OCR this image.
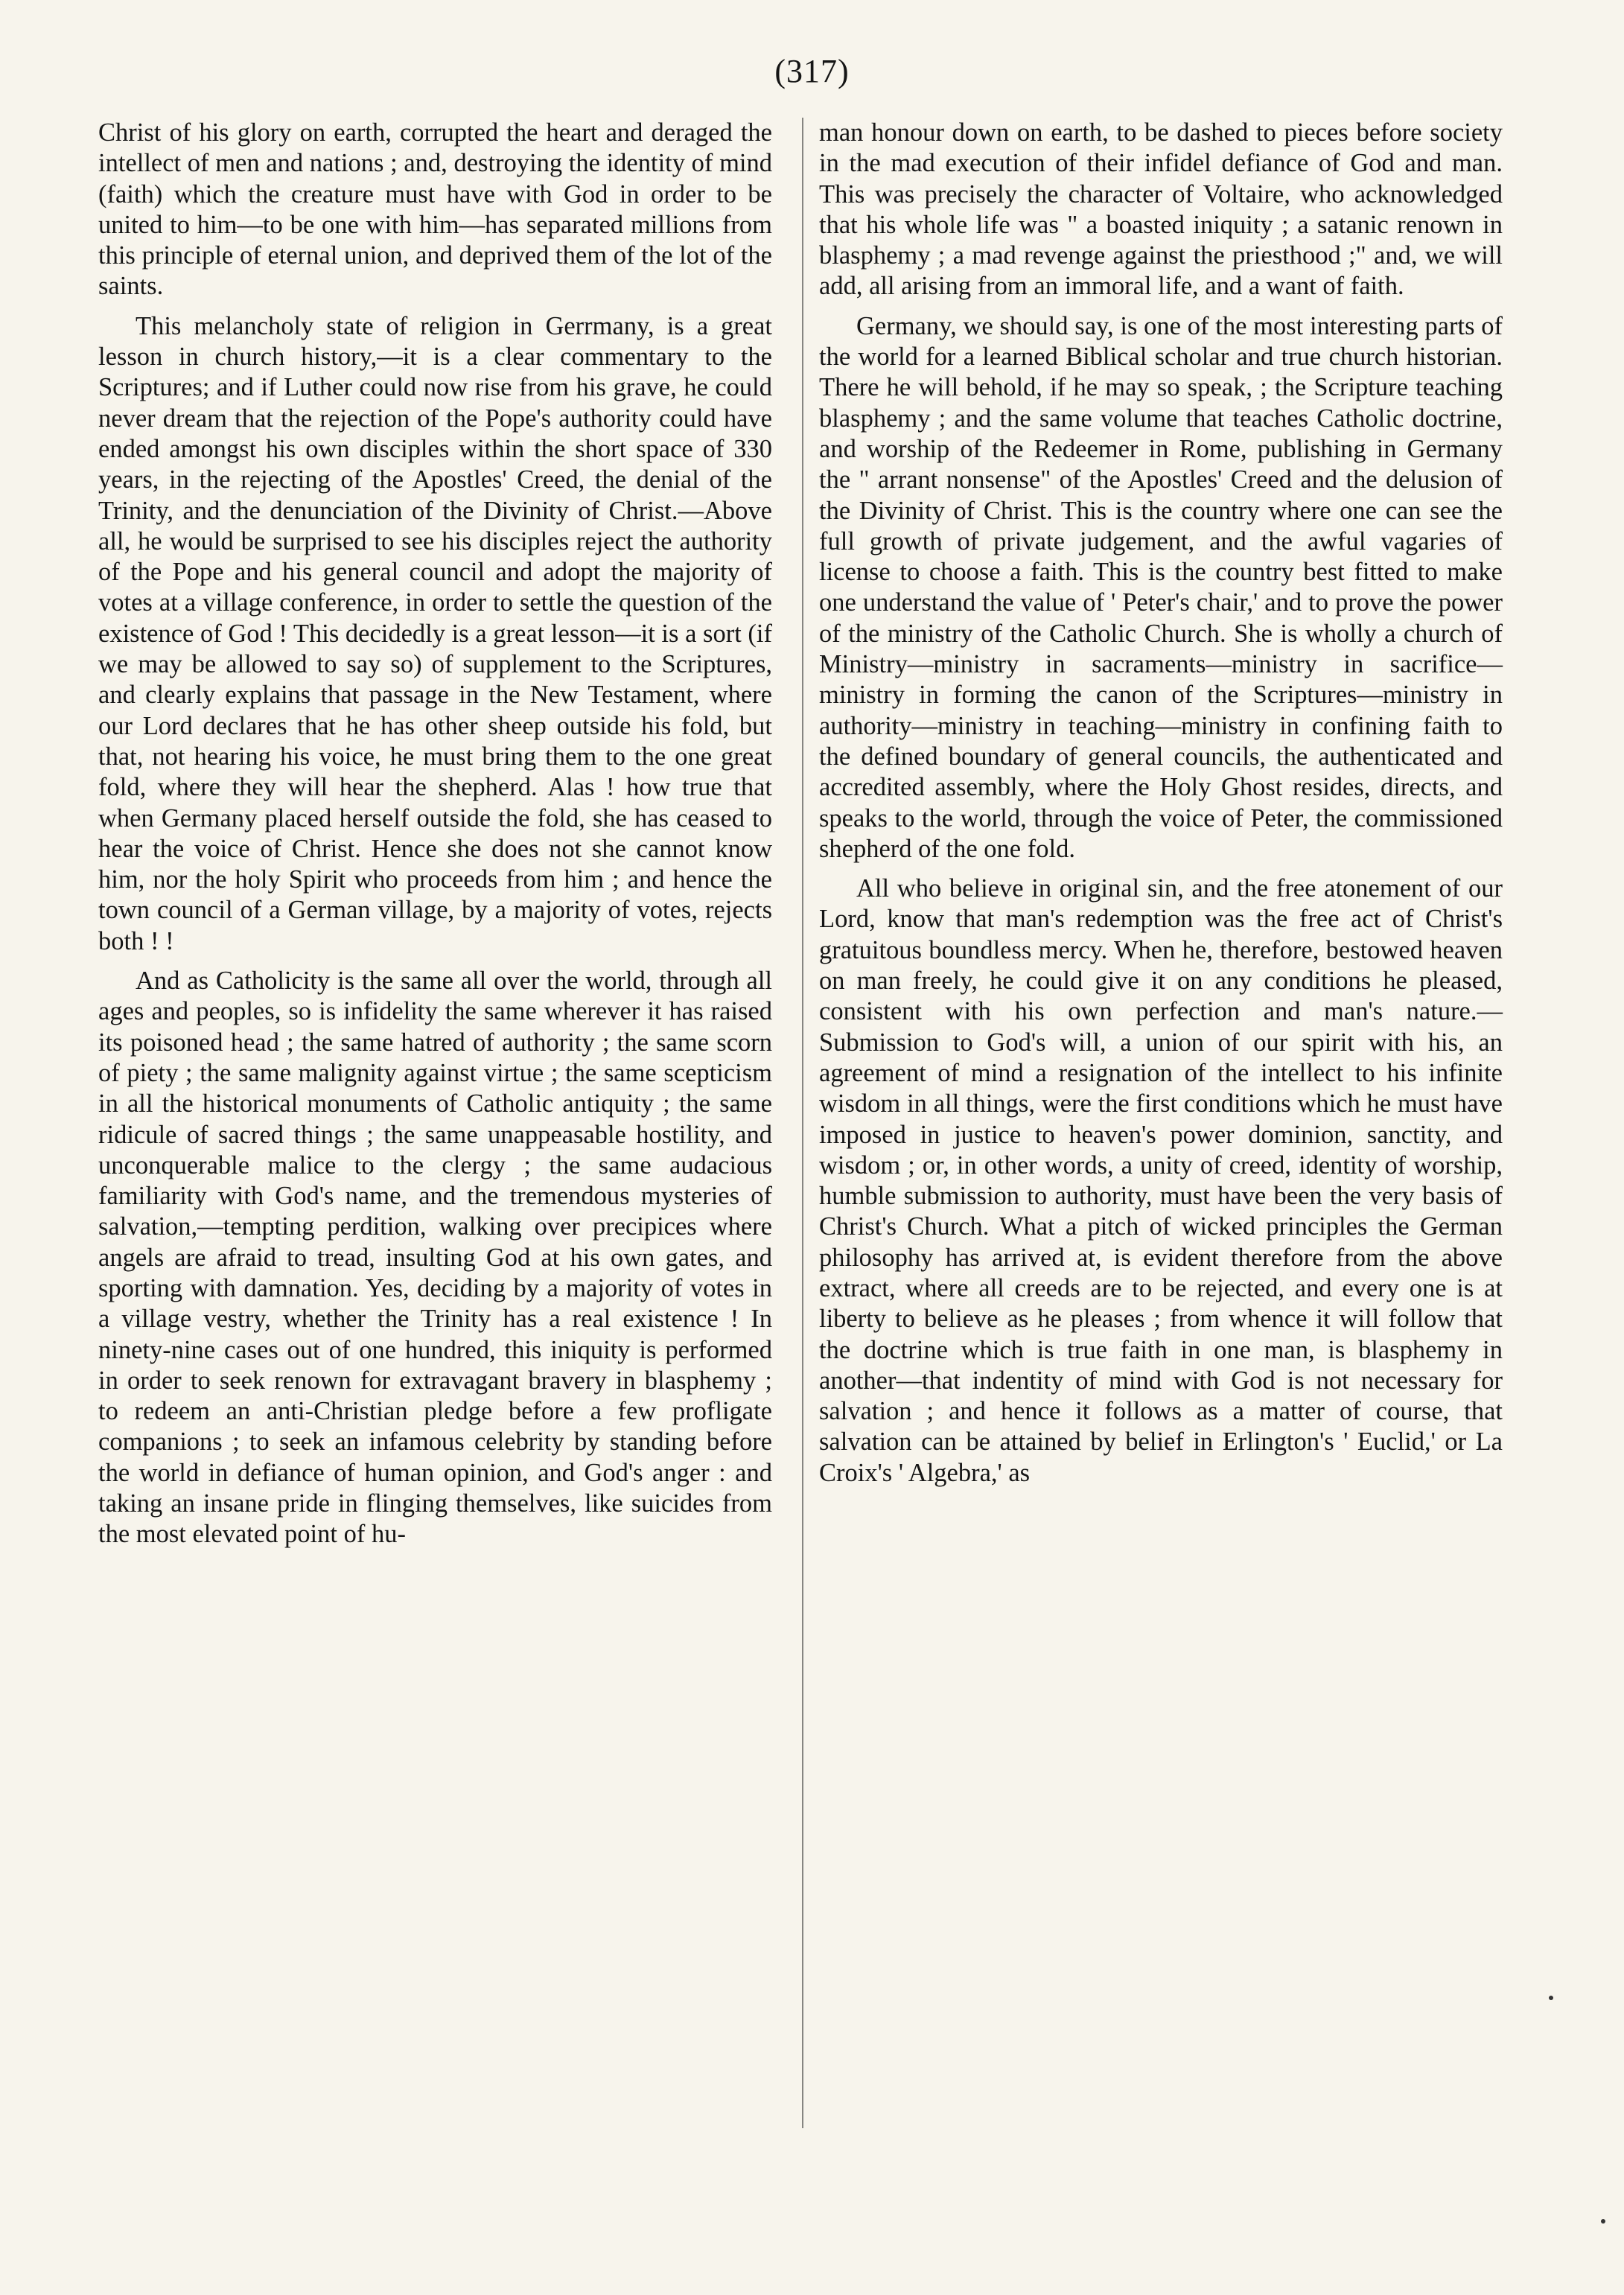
(317)

Christ of his glory on earth, corrupted the heart and deraged the intellect of men and nations ; and, destroying the identity of mind (faith) which the creature must have with God in order to be united to him—to be one with him—has separated millions from this principle of eternal union, and deprived them of the lot of the saints.

This melancholy state of religion in Gerrmany, is a great lesson in church history,—it is a clear commentary to the Scriptures; and if Luther could now rise from his grave, he could never dream that the rejection of the Pope's authority could have ended amongst his own disciples within the short space of 330 years, in the rejecting of the Apostles' Creed, the denial of the Trinity, and the denunciation of the Divinity of Christ.—Above all, he would be surprised to see his disciples reject the authority of the Pope and his general council and adopt the majority of votes at a village conference, in order to settle the question of the existence of God ! This decidedly is a great lesson—it is a sort (if we may be allowed to say so) of supplement to the Scriptures, and clearly explains that passage in the New Testament, where our Lord declares that he has other sheep outside his fold, but that, not hearing his voice, he must bring them to the one great fold, where they will hear the shepherd. Alas ! how true that when Germany placed herself outside the fold, she has ceased to hear the voice of Christ. Hence she does not she cannot know him, nor the holy Spirit who proceeds from him ; and hence the town council of a German village, by a majority of votes, rejects both ! !

And as Catholicity is the same all over the world, through all ages and peoples, so is infidelity the same wherever it has raised its poisoned head ; the same hatred of authority ; the same scorn of piety ; the same malignity against virtue ; the same scepticism in all the historical monuments of Catholic antiquity ; the same ridicule of sacred things ; the same unappeasable hostility, and unconquerable malice to the clergy ; the same audacious familiarity with God's name, and the tremendous mysteries of salvation,—tempting perdition, walking over precipices where angels are afraid to tread, insulting God at his own gates, and sporting with damnation. Yes, deciding by a majority of votes in a village vestry, whether the Trinity has a real existence ! In ninety-nine cases out of one hundred, this iniquity is performed in order to seek renown for extravagant bravery in blasphemy ; to redeem an anti-Christian pledge before a few profligate companions ; to seek an infamous celebrity by standing before the world in defiance of human opinion, and God's anger : and taking an insane pride in flinging themselves, like suicides from the most elevated point of hu-

man honour down on earth, to be dashed to pieces before society in the mad execution of their infidel defiance of God and man. This was precisely the character of Voltaire, who acknowledged that his whole life was " a boasted iniquity ; a satanic renown in blasphemy ; a mad revenge against the priesthood ;" and, we will add, all arising from an immoral life, and a want of faith.

Germany, we should say, is one of the most interesting parts of the world for a learned Biblical scholar and true church historian. There he will behold, if he may so speak, ; the Scripture teaching blasphemy ; and the same volume that teaches Catholic doctrine, and worship of the Redeemer in Rome, publishing in Germany the " arrant nonsense" of the Apostles' Creed and the delusion of the Divinity of Christ. This is the country where one can see the full growth of private judgement, and the awful vagaries of license to choose a faith. This is the country best fitted to make one understand the value of ' Peter's chair,' and to prove the power of the ministry of the Catholic Church. She is wholly a church of Ministry—ministry in sacraments—ministry in sacrifice—ministry in forming the canon of the Scriptures—ministry in authority—ministry in teaching—ministry in confining faith to the defined boundary of general councils, the authenticated and accredited assembly, where the Holy Ghost resides, directs, and speaks to the world, through the voice of Peter, the commissioned shepherd of the one fold.

All who believe in original sin, and the free atonement of our Lord, know that man's redemption was the free act of Christ's gratuitous boundless mercy. When he, therefore, bestowed heaven on man freely, he could give it on any conditions he pleased, consistent with his own perfection and man's nature.—Submission to God's will, a union of our spirit with his, an agreement of mind a resignation of the intellect to his infinite wisdom in all things, were the first conditions which he must have imposed in justice to heaven's power dominion, sanctity, and wisdom ; or, in other words, a unity of creed, identity of worship, humble submission to authority, must have been the very basis of Christ's Church. What a pitch of wicked principles the German philosophy has arrived at, is evident therefore from the above extract, where all creeds are to be rejected, and every one is at liberty to believe as he pleases ; from whence it will follow that the doctrine which is true faith in one man, is blasphemy in another—that indentity of mind with God is not necessary for salvation ; and hence it follows as a matter of course, that salvation can be attained by belief in Erlington's ' Euclid,' or La Croix's ' Algebra,' as
